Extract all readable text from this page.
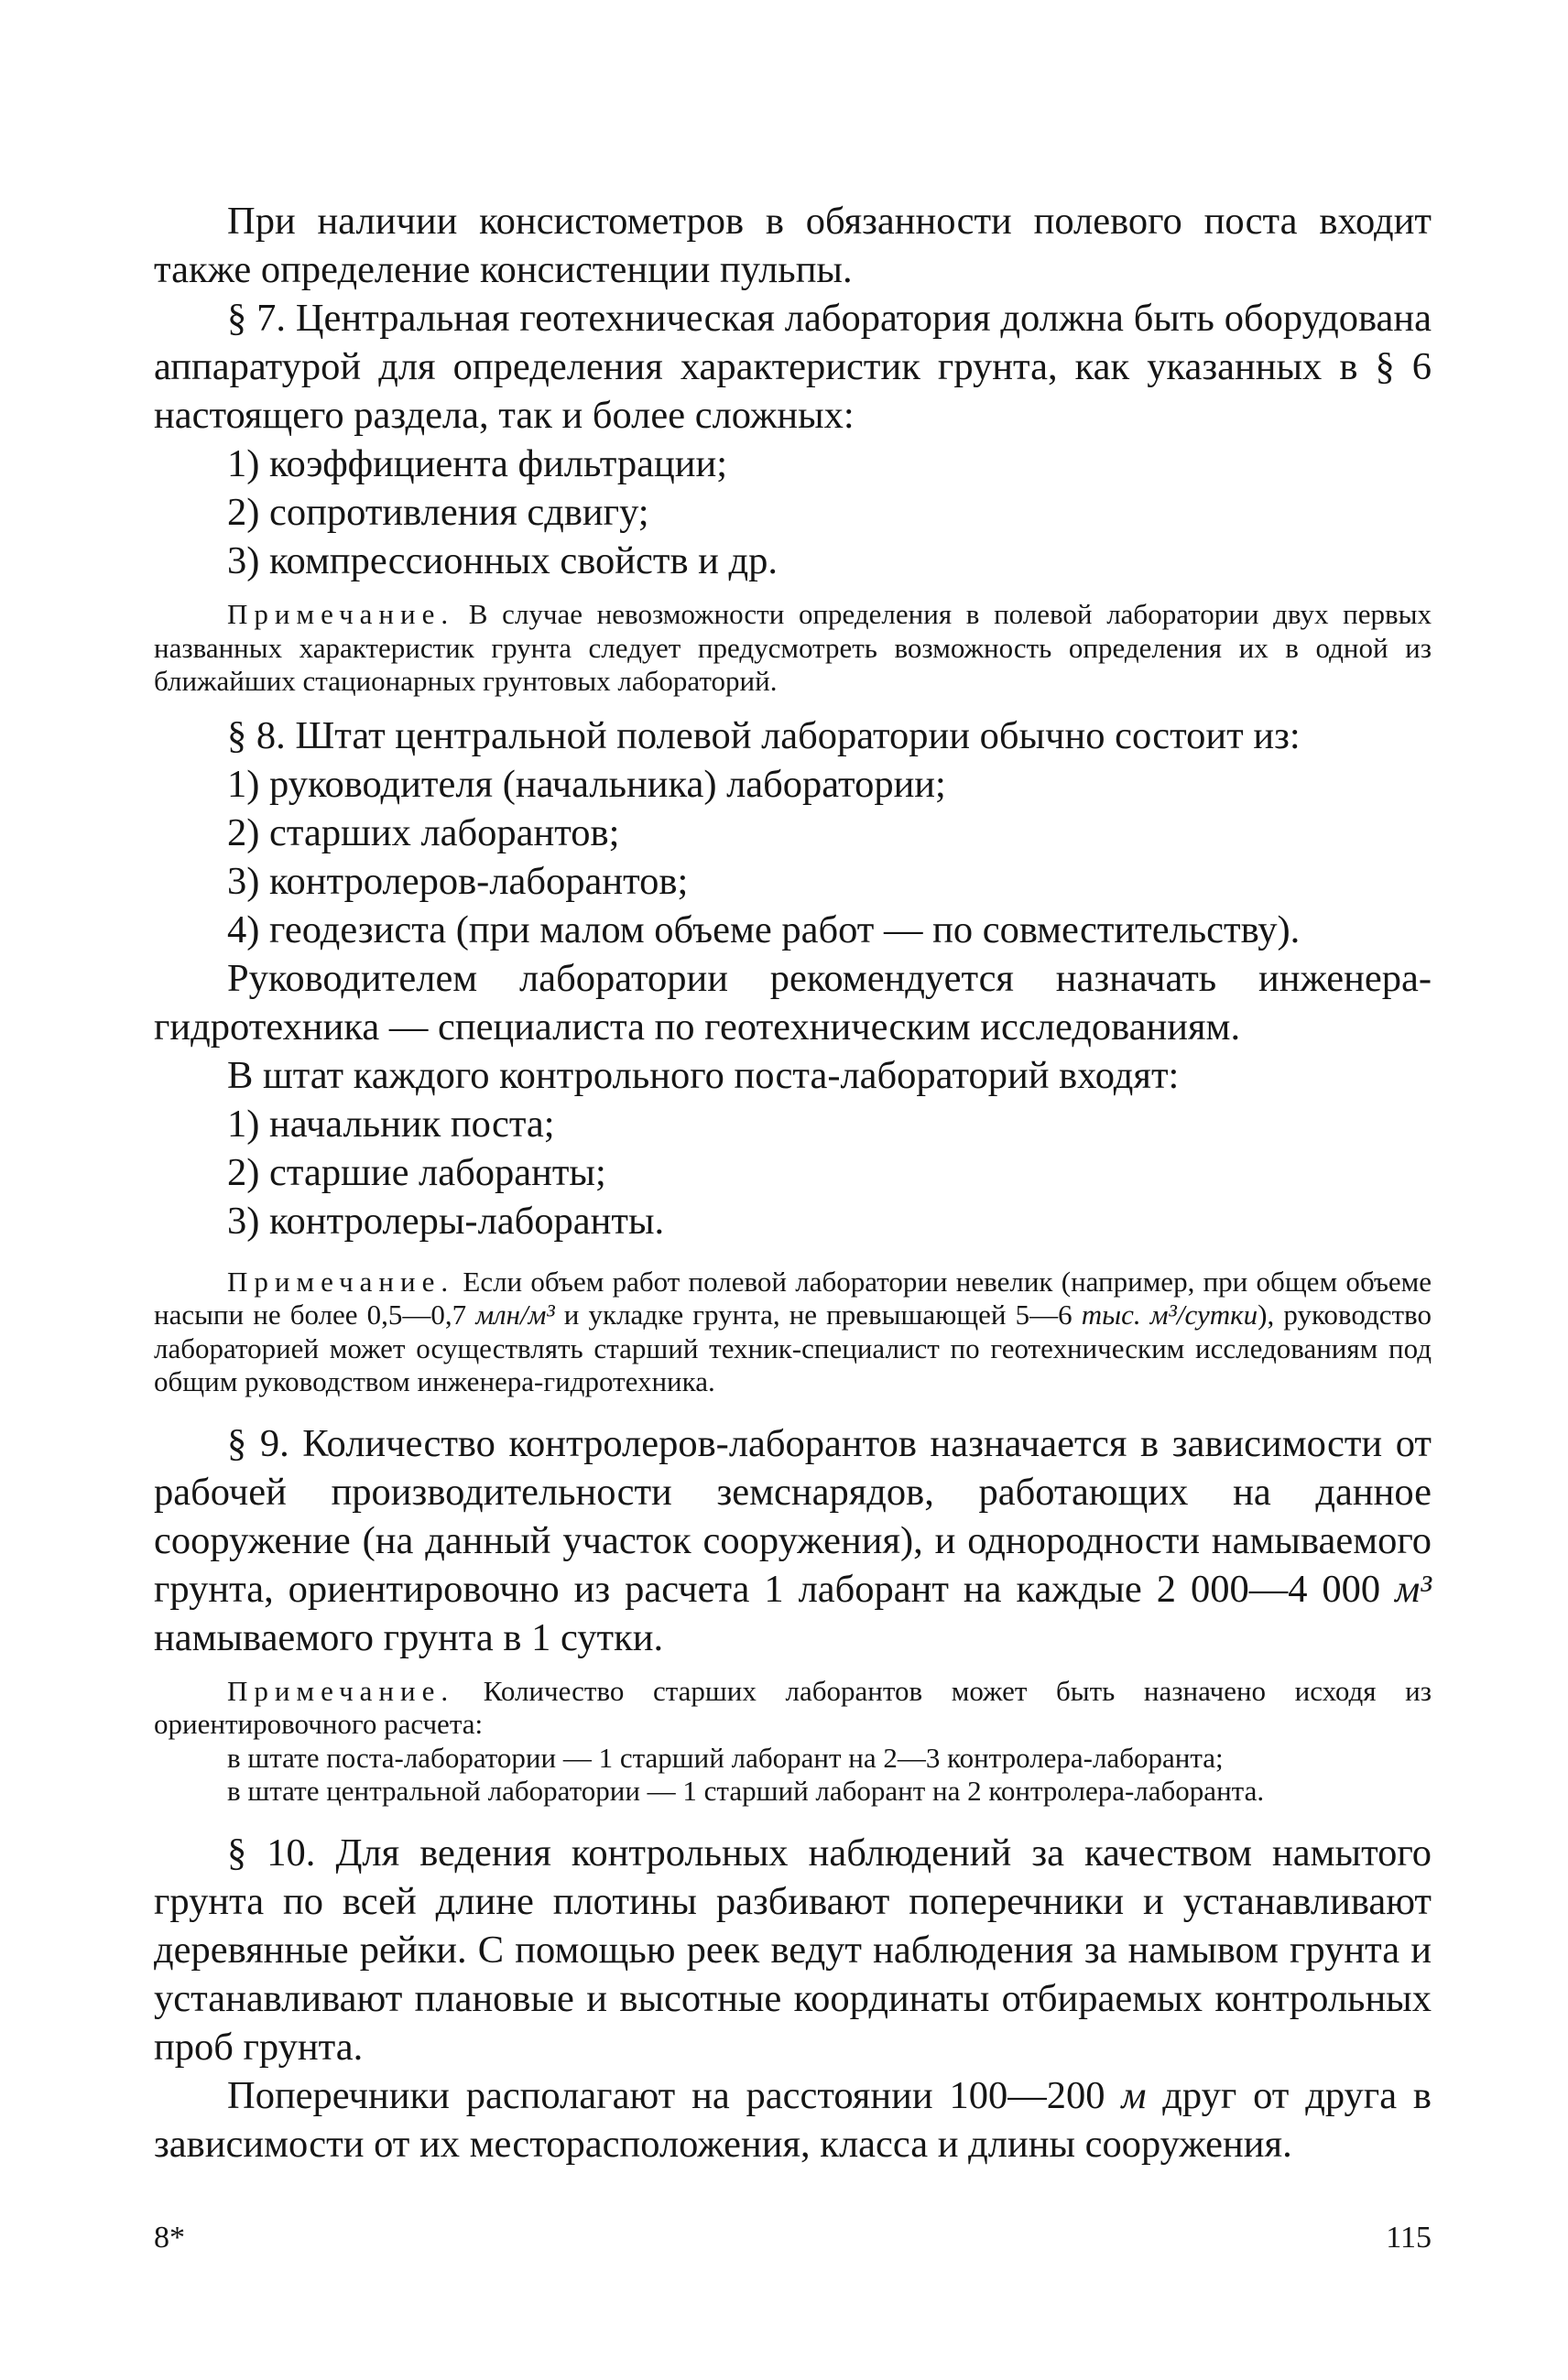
При наличии консистометров в обязанности полевого поста входит также определение консистенции пульпы.

§ 7. Центральная геотехническая лаборатория должна быть оборудована аппаратурой для определения характеристик грунта, как указанных в § 6 настоящего раздела, так и более сложных:

1) коэффициента фильтрации;

2) сопротивления сдвигу;

3) компрессионных свойств и др.

Примечание. В случае невозможности определения в полевой лаборатории двух первых названных характеристик грунта следует предусмотреть возможность определения их в одной из ближайших стационарных грунтовых лабораторий.

§ 8. Штат центральной полевой лаборатории обычно состоит из:

1) руководителя (начальника) лаборатории;

2) старших лаборантов;

3) контролеров-лаборантов;

4) геодезиста (при малом объеме работ — по совместительству).

Руководителем лаборатории рекомендуется назначать инженера-гидротехника — специалиста по геотехническим исследованиям.

В штат каждого контрольного поста-лабораторий входят:

1) начальник поста;

2) старшие лаборанты;

3) контролеры-лаборанты.

Примечание. Если объем работ полевой лаборатории невелик (например, при общем объеме насыпи не более 0,5—0,7 млн/м³ и укладке грунта, не превышающей 5—6 тыс. м³/сутки), руководство лабораторией может осуществлять старший техник-специалист по геотехническим исследованиям под общим руководством инженера-гидротехника.

§ 9. Количество контролеров-лаборантов назначается в зависимости от рабочей производительности земснарядов, работающих на данное сооружение (на данный участок сооружения), и однородности намываемого грунта, ориентировочно из расчета 1 лаборант на каждые 2 000—4 000 м³ намываемого грунта в 1 сутки.

Примечание. Количество старших лаборантов может быть назначено исходя из ориентировочного расчета:

в штате поста-лаборатории — 1 старший лаборант на 2—3 контролера-лаборанта;

в штате центральной лаборатории — 1 старший лаборант на 2 контролера-лаборанта.

§ 10. Для ведения контрольных наблюдений за качеством намытого грунта по всей длине плотины разбивают поперечники и устанавливают деревянные рейки. С помощью реек ведут наблюдения за намывом грунта и устанавливают плановые и высотные координаты отбираемых контрольных проб грунта.

Поперечники располагают на расстоянии 100—200 м друг от друга в зависимости от их месторасположения, класса и длины сооружения.

8*	115
